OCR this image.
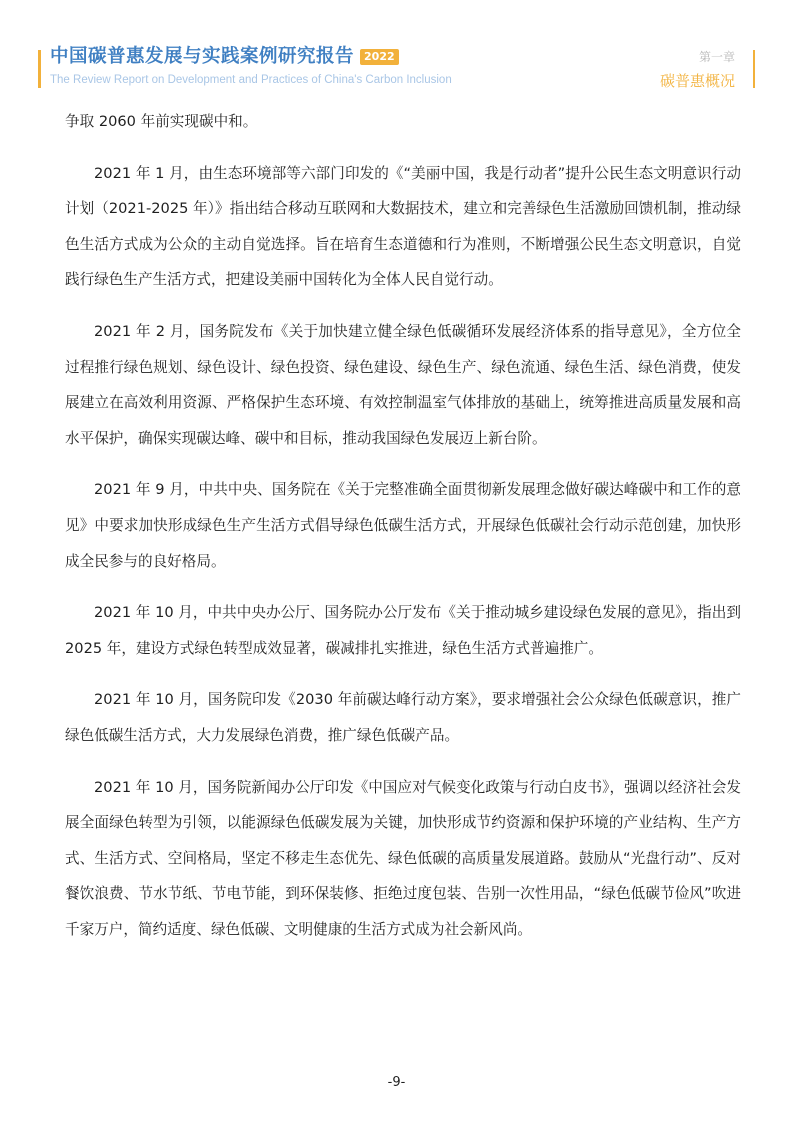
中国碳普惠发展与实践案例研究报告 2022
The Review Report on Development and Practices of China's Carbon Inclusion
第一章
碳普惠概况

争取 2060 年前实现碳中和。

2021 年 1 月，由生态环境部等六部门印发的《“美丽中国，我是行动者”提升公民生态文明意识行动计划（2021-2025 年）》指出结合移动互联网和大数据技术，建立和完善绿色生活激励回馈机制，推动绿色生活方式成为公众的主动自觉选择。旨在培育生态道德和行为准则，不断增强公民生态文明意识，自觉践行绿色生产生活方式，把建设美丽中国转化为全体人民自觉行动。

2021 年 2 月，国务院发布《关于加快建立健全绿色低碳循环发展经济体系的指导意见》，全方位全过程推行绿色规划、绿色设计、绿色投资、绿色建设、绿色生产、绿色流通、绿色生活、绿色消费，使发展建立在高效利用资源、严格保护生态环境、有效控制温室气体排放的基础上，统筹推进高质量发展和高水平保护，确保实现碳达峰、碳中和目标，推动我国绿色发展迈上新台阶。

2021 年 9 月，中共中央、国务院在《关于完整准确全面贯彻新发展理念做好碳达峰碳中和工作的意见》中要求加快形成绿色生产生活方式倡导绿色低碳生活方式，开展绿色低碳社会行动示范创建，加快形成全民参与的良好格局。

2021 年 10 月，中共中央办公厅、国务院办公厅发布《关于推动城乡建设绿色发展的意见》，指出到 2025 年，建设方式绿色转型成效显著，碳减排扎实推进，绿色生活方式普遍推广。

2021 年 10 月，国务院印发《2030 年前碳达峰行动方案》，要求增强社会公众绿色低碳意识，推广绿色低碳生活方式，大力发展绿色消费，推广绿色低碳产品。

2021 年 10 月，国务院新闻办公厅印发《中国应对气候变化政策与行动白皮书》，强调以经济社会发展全面绿色转型为引领，以能源绿色低碳发展为关键，加快形成节约资源和保护环境的产业结构、生产方式、生活方式、空间格局，坚定不移走生态优先、绿色低碳的高质量发展道路。鼓励从“光盘行动”、反对餐饮浪费、节水节纸、节电节能，到环保装修、拒绝过度包装、告别一次性用品，“绿色低碳节俭风”吹进千家万户，简约适度、绿色低碳、文明健康的生活方式成为社会新风尚。

-9-
